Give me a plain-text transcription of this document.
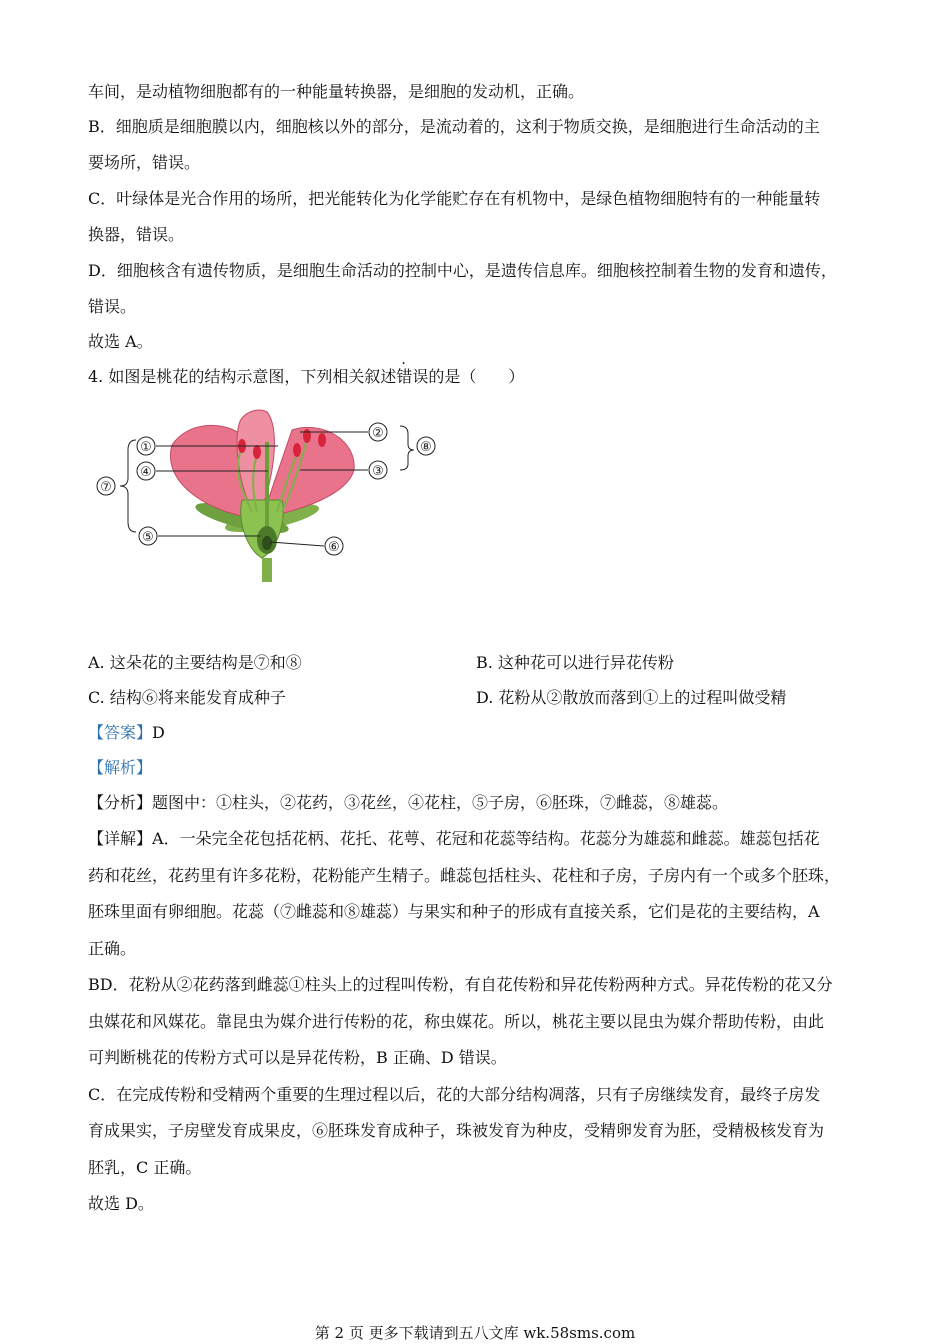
车间，是动植物细胞都有的一种能量转换器，是细胞的发动机，正确。
B．细胞质是细胞膜以内，细胞核以外的部分，是流动着的，这利于物质交换，是细胞进行生命活动的主
要场所，错误。
C．叶绿体是光合作用的场所，把光能转化为化学能贮存在有机物中，是绿色植物细胞特有的一种能量转
换器，错误。
D．细胞核含有遗传物质，是细胞生命活动的控制中心，是遗传信息库。细胞核控制着生物的发育和遗传，
错误。
故选 A。
4. 如图是桃花的结构示意图，下列相关叙述错误的是（　　）
①
②
③
④
⑤
⑥
⑦
⑧
A. 这朵花的主要结构是⑦和⑧	B. 这种花可以进行异花传粉
C. 结构⑥将来能发育成种子	D. 花粉从②散放而落到①上的过程叫做受精
【答案】D
【解析】
【分析】题图中：①柱头，②花药，③花丝，④花柱，⑤子房，⑥胚珠，⑦雌蕊，⑧雄蕊。
【详解】A．一朵完全花包括花柄、花托、花萼、花冠和花蕊等结构。花蕊分为雄蕊和雌蕊。雄蕊包括花
药和花丝，花药里有许多花粉，花粉能产生精子。雌蕊包括柱头、花柱和子房，子房内有一个或多个胚珠，
胚珠里面有卵细胞。花蕊（⑦雌蕊和⑧雄蕊）与果实和种子的形成有直接关系，它们是花的主要结构，A
正确。
BD．花粉从②花药落到雌蕊①柱头上的过程叫传粉，有自花传粉和异花传粉两种方式。异花传粉的花又分
虫媒花和风媒花。靠昆虫为媒介进行传粉的花，称虫媒花。所以，桃花主要以昆虫为媒介帮助传粉，由此
可判断桃花的传粉方式可以是异花传粉，B 正确、D 错误。
C．在完成传粉和受精两个重要的生理过程以后，花的大部分结构凋落，只有子房继续发育，最终子房发
育成果实，子房壁发育成果皮，⑥胚珠发育成种子，珠被发育为种皮，受精卵发育为胚，受精极核发育为
胚乳，C 正确。
故选 D。
第 2 页 更多下载请到五八文库 wk.58sms.com
